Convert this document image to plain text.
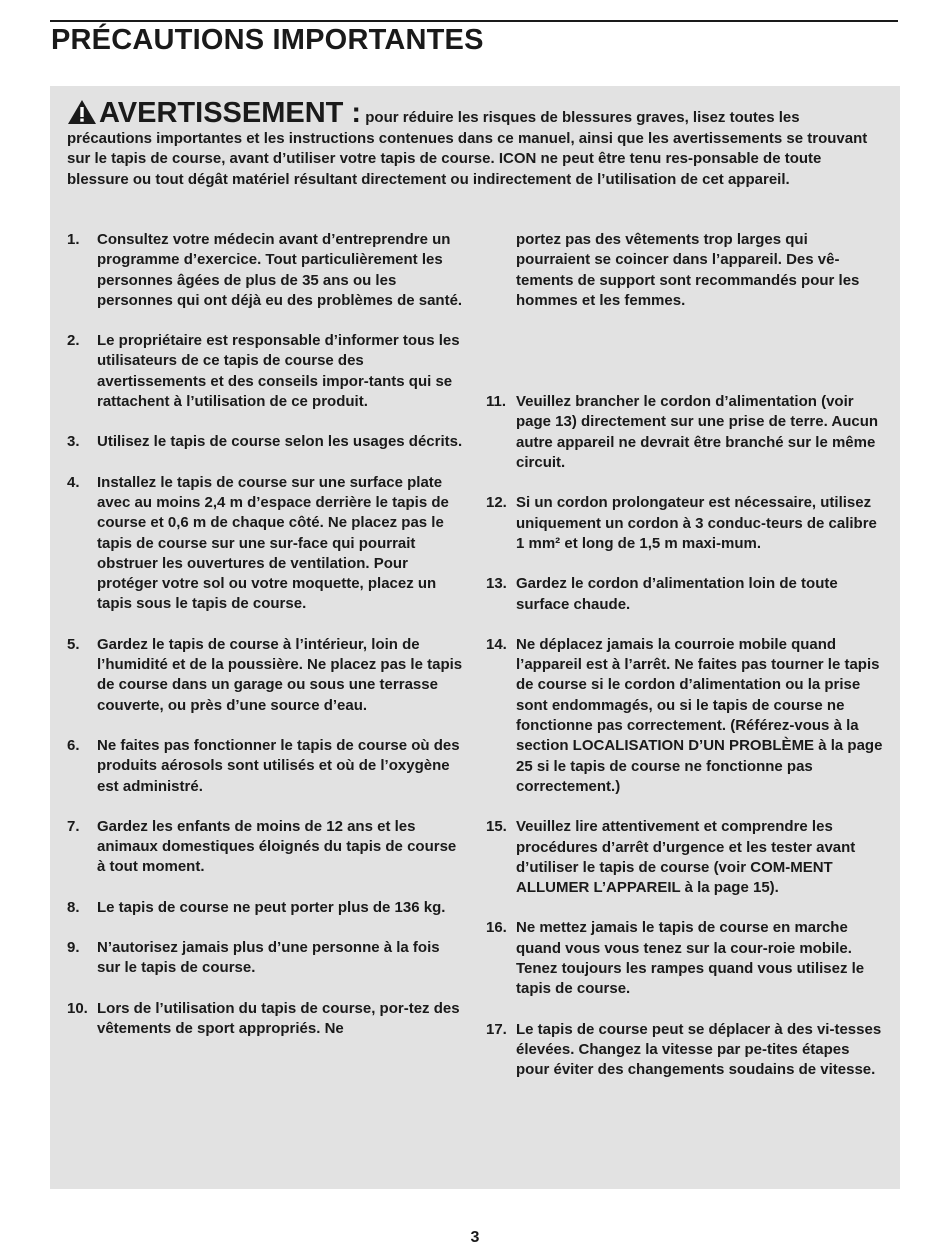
PRÉCAUTIONS IMPORTANTES
AVERTISSEMENT : pour réduire les risques de blessures graves, lisez toutes les précautions importantes et les instructions contenues dans ce manuel, ainsi que les avertissements se trouvant sur le tapis de course, avant d’utiliser votre tapis de course. ICON ne peut être tenu res-ponsable de toute blessure ou tout dégât matériel résultant directement ou indirectement de l’utilisation de cet appareil.
1.	Consultez votre médecin avant d’entreprendre un programme d’exercice. Tout particulièrement les personnes âgées de plus de 35 ans ou les personnes qui ont déjà eu des problèmes de santé.
2.	Le propriétaire est responsable d’informer tous les utilisateurs de ce tapis de course des avertissements et des conseils impor-tants qui se rattachent à l’utilisation de ce produit.
3.	Utilisez le tapis de course selon les usages décrits.
4.	Installez le tapis de course sur une surface plate avec au moins 2,4 m d’espace derrière le tapis de course et 0,6 m de chaque côté. Ne placez pas le tapis de course sur une sur-face qui pourrait obstruer les ouvertures de ventilation. Pour protéger votre sol ou votre moquette, placez un tapis sous le tapis de course.
5.	Gardez le tapis de course à l’intérieur, loin de l’humidité et de la poussière. Ne placez pas le tapis de course dans un garage ou sous une terrasse couverte, ou près d’une source d’eau.
6.	Ne faites pas fonctionner le tapis de course où des produits aérosols sont utilisés et où de l’oxygène est administré.
7.	Gardez les enfants de moins de 12 ans et les animaux domestiques éloignés du tapis de course à tout moment.
8.	Le tapis de course ne peut porter plus de 136 kg.
9.	N’autorisez jamais plus d’une personne à la fois sur le tapis de course.
10. Lors de l’utilisation du tapis de course, por-tez des vêtements de sport appropriés. Ne
portez pas des vêtements trop larges qui pourraient se coincer dans l’appareil. Des vê-tements de support sont recommandés pour les hommes et les femmes.
11. Veuillez brancher le cordon d’alimentation (voir page 13) directement sur une prise de terre. Aucun autre appareil ne devrait être branché sur le même circuit.
12. Si un cordon prolongateur est nécessaire, utilisez uniquement un cordon à 3 conduc-teurs de calibre 1 mm² et long de 1,5 m maxi-mum.
13. Gardez le cordon d’alimentation loin de toute surface chaude.
14. Ne déplacez jamais la courroie mobile quand l’appareil est à l’arrêt. Ne faites pas tourner le tapis de course si le cordon d’alimentation ou la prise sont endommagés, ou si le tapis de course ne fonctionne pas correctement. (Référez-vous à la section LOCALISATION D’UN PROBLÈME à la page 25 si le tapis de course ne fonctionne pas correctement.)
15. Veuillez lire attentivement et comprendre les procédures d’arrêt d’urgence et les tester avant d’utiliser le tapis de course (voir COM-MENT ALLUMER L’APPAREIL à la page 15).
16. Ne mettez jamais le tapis de course en marche quand vous vous tenez sur la cour-roie mobile. Tenez toujours les rampes quand vous utilisez le tapis de course.
17. Le tapis de course peut se déplacer à des vi-tesses élevées. Changez la vitesse par pe-tites étapes pour éviter des changements soudains de vitesse.
3
